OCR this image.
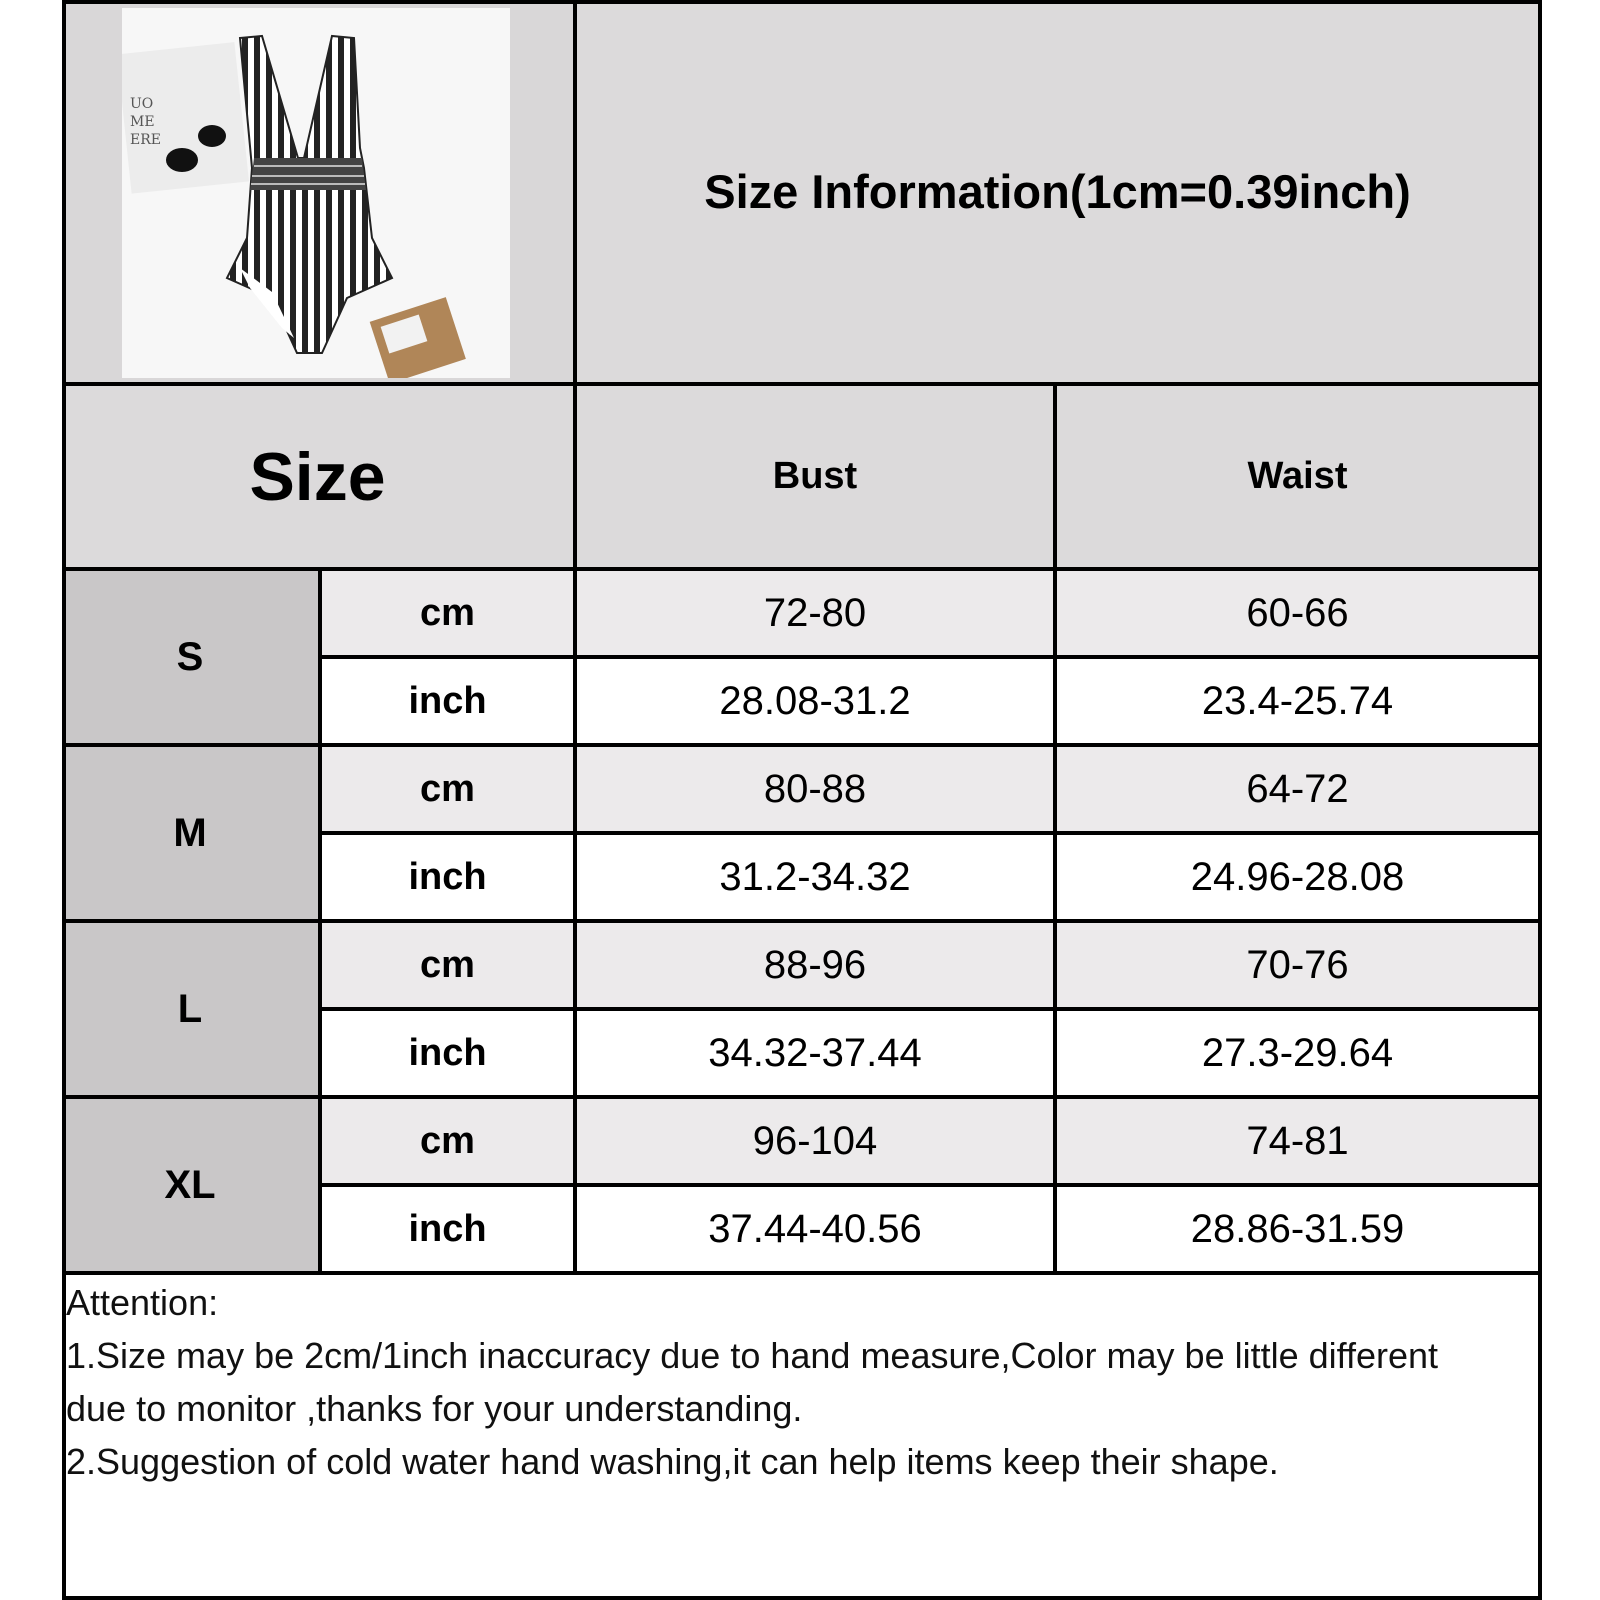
UO
ME
ERE
Size Information(1cm=0.39inch)
Size	Bust	Waist
S
cm	72-80	60-66
inch	28.08-31.2	23.4-25.74
M
cm	80-88	64-72
inch	31.2-34.32	24.96-28.08
L
cm	88-96	70-76
inch	34.32-37.44	27.3-29.64
XL
cm	96-104	74-81
inch	37.44-40.56	28.86-31.59

Attention:

1.Size may be 2cm/1inch inaccuracy due to hand measure,Color may be little different due to monitor ,thanks for your understanding.

2.Suggestion of cold water hand washing,it can help items keep their shape.
